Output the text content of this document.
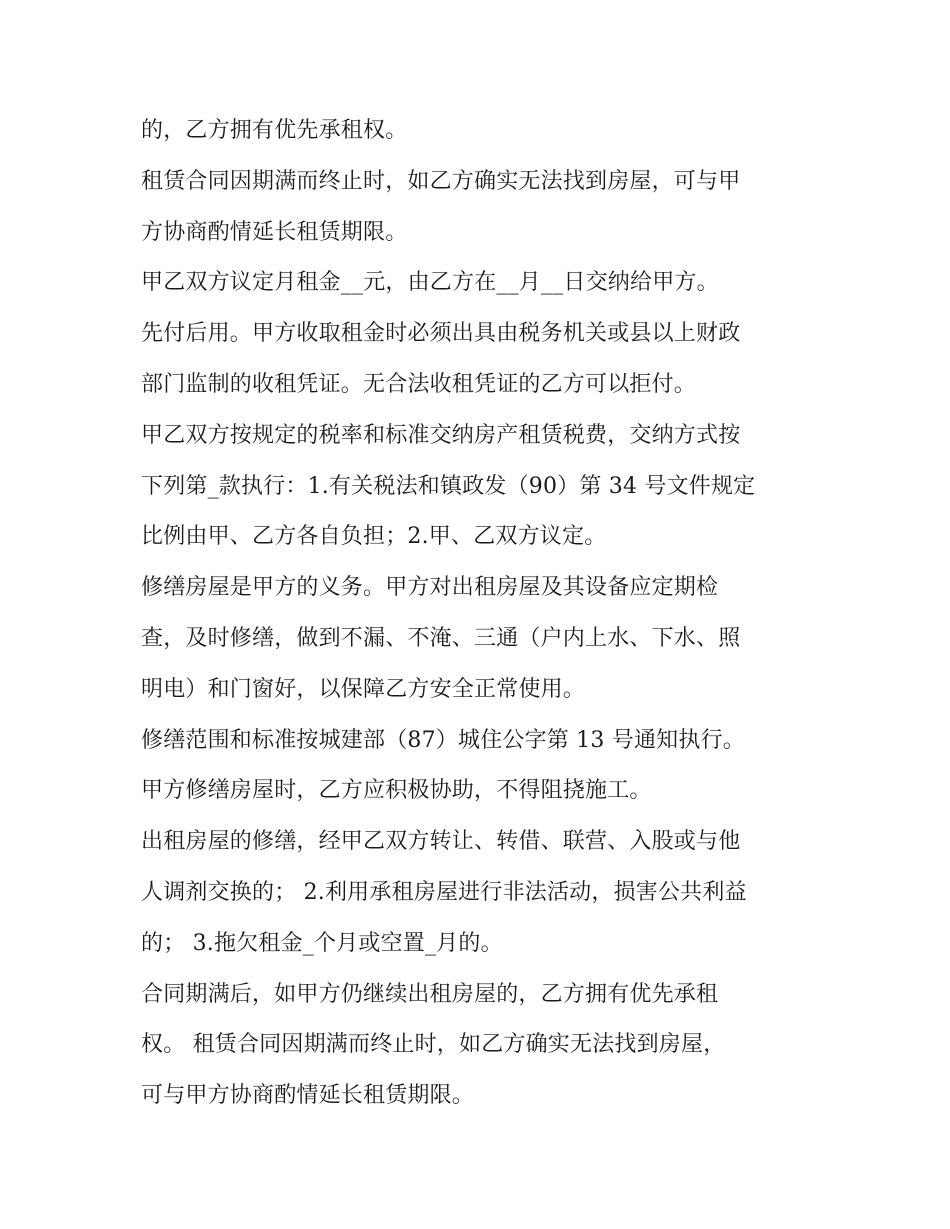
的，乙方拥有优先承租权。
租赁合同因期满而终止时，如乙方确实无法找到房屋，可与甲
方协商酌情延长租赁期限。
甲乙双方议定月租金__元，由乙方在__月__日交纳给甲方。
先付后用。甲方收取租金时必须出具由税务机关或县以上财政
部门监制的收租凭证。无合法收租凭证的乙方可以拒付。
甲乙双方按规定的税率和标准交纳房产租赁税费，交纳方式按
下列第_款执行：1.有关税法和镇政发（90）第 34 号文件规定
比例由甲、乙方各自负担；2.甲、乙双方议定。
修缮房屋是甲方的义务。甲方对出租房屋及其设备应定期检
查，及时修缮，做到不漏、不淹、三通（户内上水、下水、照
明电）和门窗好，以保障乙方安全正常使用。
修缮范围和标准按城建部（87）城住公字第 13 号通知执行。
甲方修缮房屋时，乙方应积极协助，不得阻挠施工。
出租房屋的修缮，经甲乙双方转让、转借、联营、入股或与他
人调剂交换的； 2.利用承租房屋进行非法活动，损害公共利益
的； 3.拖欠租金_个月或空置_月的。
合同期满后，如甲方仍继续出租房屋的，乙方拥有优先承租
权。 租赁合同因期满而终止时，如乙方确实无法找到房屋，
可与甲方协商酌情延长租赁期限。
